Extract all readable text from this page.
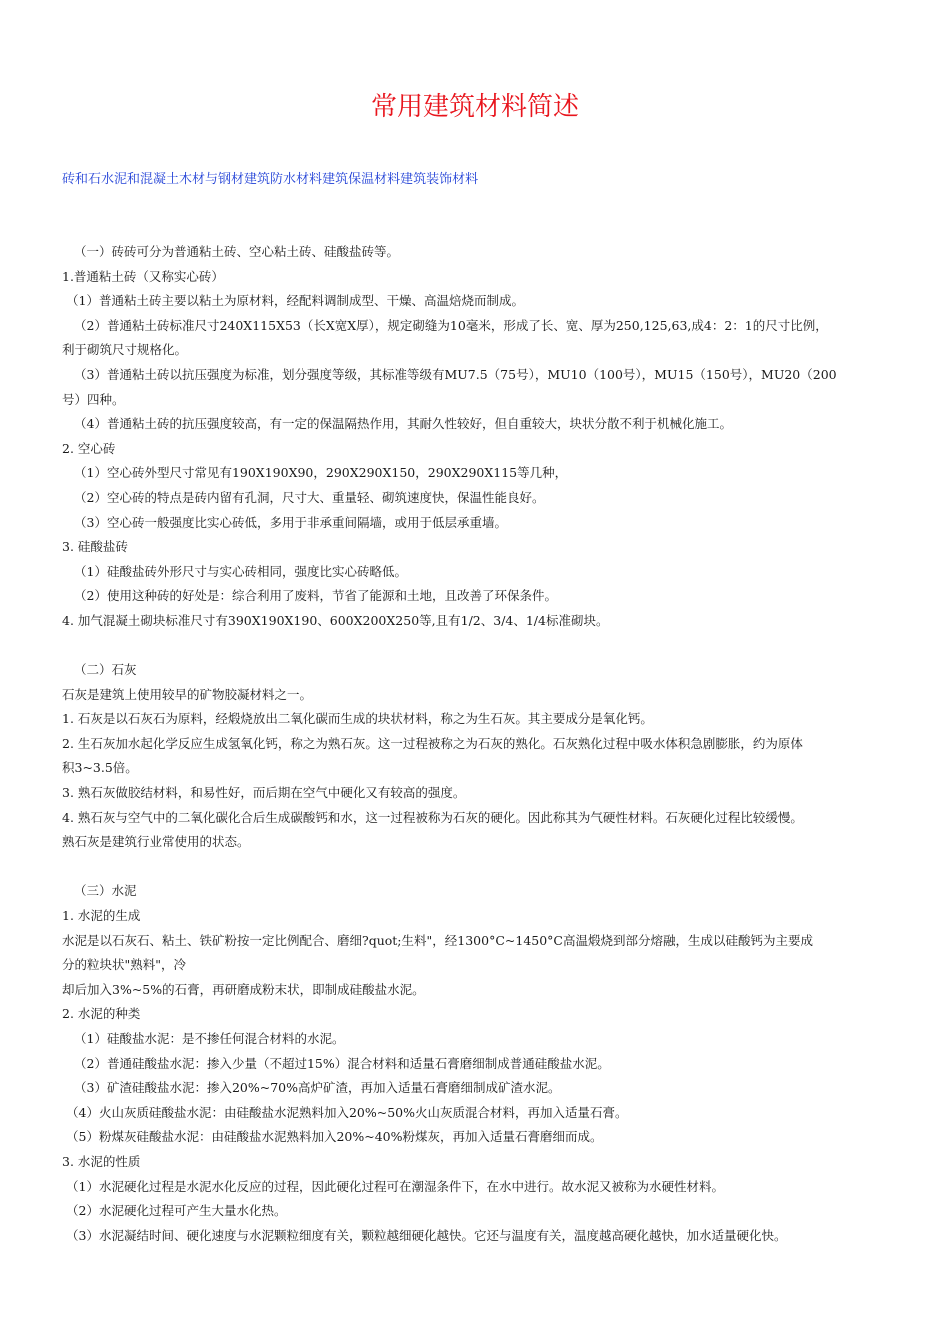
常用建筑材料简述
砖和石水泥和混凝土木材与钢材建筑防水材料建筑保温材料建筑装饰材料
（一）砖砖可分为普通粘土砖、空心粘土砖、硅酸盐砖等。
1.普通粘土砖（又称实心砖）
（1）普通粘土砖主要以粘土为原材料，经配料调制成型、干燥、高温焙烧而制成。
（2）普通粘土砖标准尺寸240X115X53（长X宽X厚），规定砌缝为10毫米，形成了长、宽、厚为250,125,63,成4：2：1的尺寸比例，
利于砌筑尺寸规格化。
（3）普通粘土砖以抗压强度为标准，划分强度等级，其标准等级有MU7.5（75号），MU10（100号），MU15（150号），MU20（200
号）四种。
（4）普通粘土砖的抗压强度较高，有一定的保温隔热作用，其耐久性较好，但自重较大，块状分散不利于机械化施工。
2. 空心砖
（1）空心砖外型尺寸常见有190X190X90，290X290X150，290X290X115等几种，
（2）空心砖的特点是砖内留有孔洞，尺寸大、重量轻、砌筑速度快，保温性能良好。
（3）空心砖一般强度比实心砖低，多用于非承重间隔墙，或用于低层承重墙。
3. 硅酸盐砖
（1）硅酸盐砖外形尺寸与实心砖相同，强度比实心砖略低。
（2）使用这种砖的好处是：综合利用了废料，节省了能源和土地，且改善了环保条件。
4. 加气混凝土砌块标准尺寸有390X190X190、600X200X250等,且有1/2、3/4、1/4标准砌块。
（二）石灰
石灰是建筑上使用较早的矿物胶凝材料之一。
1. 石灰是以石灰石为原料，经煅烧放出二氧化碳而生成的块状材料，称之为生石灰。其主要成分是氧化钙。
2. 生石灰加水起化学反应生成氢氧化钙，称之为熟石灰。这一过程被称之为石灰的熟化。石灰熟化过程中吸水体积急剧膨胀，约为原体
积3~3.5倍。
3. 熟石灰做胶结材料，和易性好，而后期在空气中硬化又有较高的强度。
4. 熟石灰与空气中的二氧化碳化合后生成碳酸钙和水，这一过程被称为石灰的硬化。因此称其为气硬性材料。石灰硬化过程比较缓慢。
熟石灰是建筑行业常使用的状态。
（三）水泥
1. 水泥的生成
水泥是以石灰石、粘土、铁矿粉按一定比例配合、磨细?quot;生料"，经1300°C~1450°C高温煅烧到部分熔融，生成以硅酸钙为主要成
分的粒块状"熟料"，冷
却后加入3%~5%的石膏，再研磨成粉末状，即制成硅酸盐水泥。
2. 水泥的种类
（1）硅酸盐水泥：是不掺任何混合材料的水泥。
（2）普通硅酸盐水泥：掺入少量（不超过15%）混合材料和适量石膏磨细制成普通硅酸盐水泥。
（3）矿渣硅酸盐水泥：掺入20%~70%高炉矿渣，再加入适量石膏磨细制成矿渣水泥。
（4）火山灰质硅酸盐水泥：由硅酸盐水泥熟料加入20%~50%火山灰质混合材料，再加入适量石膏。
（5）粉煤灰硅酸盐水泥：由硅酸盐水泥熟料加入20%~40%粉煤灰，再加入适量石膏磨细而成。
3. 水泥的性质
（1）水泥硬化过程是水泥水化反应的过程，因此硬化过程可在潮湿条件下，在水中进行。故水泥又被称为水硬性材料。
（2）水泥硬化过程可产生大量水化热。
（3）水泥凝结时间、硬化速度与水泥颗粒细度有关，颗粒越细硬化越快。它还与温度有关，温度越高硬化越快，加水适量硬化快。
